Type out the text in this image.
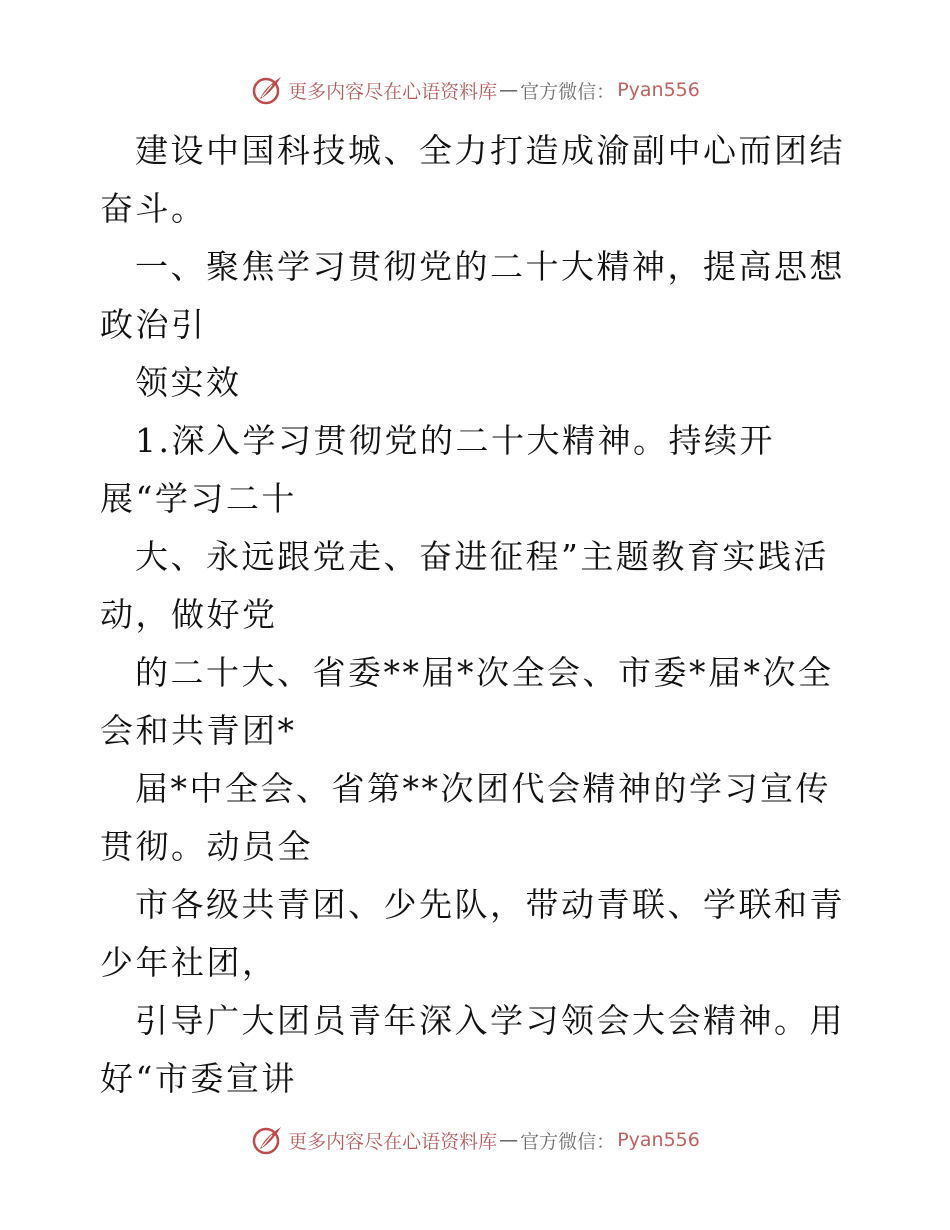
更多内容尽在心语资料库 — 官方微信： Pyan556

建设中国科技城、全力打造成渝副中心而团结奋斗。

一、聚焦学习贯彻党的二十大精神，提高思想政治引

领实效

1.深入学习贯彻党的二十大精神。持续开展“学习二十

大、永远跟党走、奋进征程”主题教育实践活动，做好党

的二十大、省委**届*次全会、市委*届*次全会和共青团*

届*中全会、省第**次团代会精神的学习宣传贯彻。动员全

市各级共青团、少先队，带动青联、学联和青少年社团，

引导广大团员青年深入学习领会大会精神。用好“市委宣讲

更多内容尽在心语资料库 — 官方微信： Pyan556
